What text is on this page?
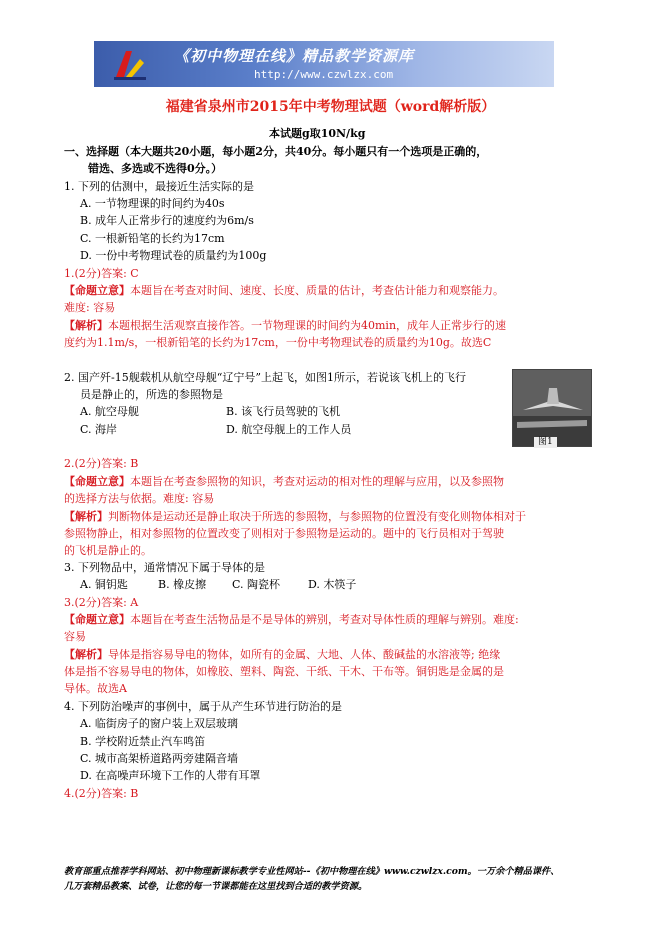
《初中物理在线》精品教学资源库
http://www.czwlzx.com
福建省泉州市2015年中考物理试题（word解析版）
本试题g取10N/kg
一、选择题（本大题共20小题，每小题2分，共40分。每小题只有一个选项是正确的，
错选、多选或不选得0分。）
1. 下列的估测中，最接近生活实际的是
A. 一节物理课的时间约为40s
B. 成年人正常步行的速度约为6m/s
C. 一根新铅笔的长约为17cm
D. 一份中考物理试卷的质量约为100g
1.(2分)答案: C
【命题立意】本题旨在考查对时间、速度、长度、质量的估计，考查估计能力和观察能力。
难度: 容易
【解析】本题根据生活观察直接作答。一节物理课的时间约为40min，成年人正常步行的速
度约为1.1m/s，一根新铅笔的长约为17cm，一份中考物理试卷的质量约为10g。故选C
2. 国产歼-15舰载机从航空母舰“辽宁号”上起飞，如图1所示，若说该飞机上的飞行
员是静止的，所选的参照物是
A. 航空母舰	B. 该飞行员驾驶的飞机
C. 海岸	D. 航空母舰上的工作人员
图1
2.(2分)答案: B
【命题立意】本题旨在考查参照物的知识，考查对运动的相对性的理解与应用，以及参照物
的选择方法与依据。难度: 容易
【解析】判断物体是运动还是静止取决于所选的参照物，与参照物的位置没有变化则物体相对于
参照物静止，相对参照物的位置改变了则相对于参照物是运动的。题中的飞行员相对于驾驶
的飞机是静止的。
3. 下列物品中，通常情况下属于导体的是
A. 铜钥匙	B. 橡皮擦 C. 陶瓷杯	D. 木筷子
3.(2分)答案: A
【命题立意】本题旨在考查生活物品是不是导体的辨别，考查对导体性质的理解与辨别。难度:
容易
【解析】导体是指容易导电的物体，如所有的金属、大地、人体、酸碱盐的水溶液等; 绝缘
体是指不容易导电的物体，如橡胶、塑料、陶瓷、干纸、干木、干布等。铜钥匙是金属的是
导体。故选A
4. 下列防治噪声的事例中，属于从产生环节进行防治的是
A. 临街房子的窗户装上双层玻璃
B. 学校附近禁止汽车鸣笛
C. 城市高架桥道路两旁建隔音墙
D. 在高噪声环境下工作的人带有耳罩
4.(2分)答案: B
教育部重点推荐学科网站、初中物理新课标教学专业性网站--《初中物理在线》www.czwlzx.com。一万余个精品课件、
几万套精品教案、试卷，让您的每一节课都能在这里找到合适的教学资源。
